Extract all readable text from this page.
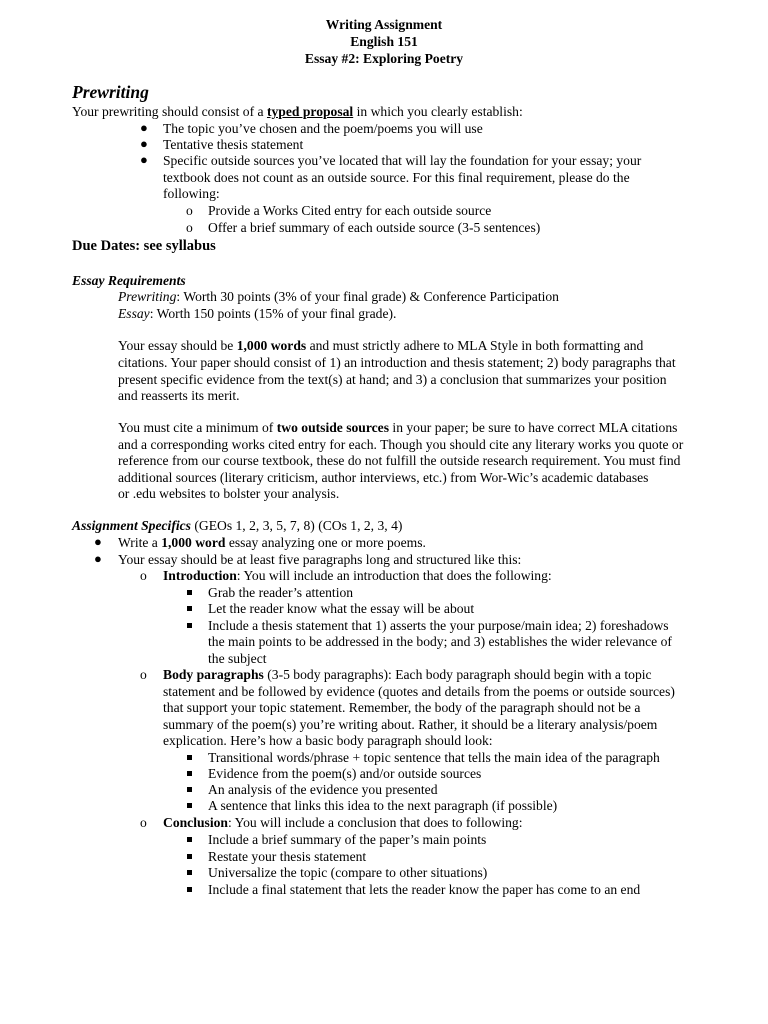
Writing Assignment
English 151
Essay #2: Exploring Poetry
Prewriting
Your prewriting should consist of a typed proposal in which you clearly establish:
● The topic you’ve chosen and the poem/poems you will use
● Tentative thesis statement
● Specific outside sources you’ve located that will lay the foundation for your essay; your
textbook does not count as an outside source. For this final requirement, please do the
following:
o Provide a Works Cited entry for each outside source
o Offer a brief summary of each outside source (3-5 sentences)
Due Dates: see syllabus
Essay Requirements
Prewriting: Worth 30 points (3% of your final grade) & Conference Participation
Essay: Worth 150 points (15% of your final grade).
Your essay should be 1,000 words and must strictly adhere to MLA Style in both formatting and
citations. Your paper should consist of 1) an introduction and thesis statement; 2) body paragraphs that
present specific evidence from the text(s) at hand; and 3) a conclusion that summarizes your position
and reasserts its merit.
You must cite a minimum of two outside sources in your paper; be sure to have correct MLA citations
and a corresponding works cited entry for each. Though you should cite any literary works you quote or
reference from our course textbook, these do not fulfill the outside research requirement. You must find
additional sources (literary criticism, author interviews, etc.) from Wor-Wic’s academic databases
or .edu websites to bolster your analysis.
Assignment Specifics (GEOs 1, 2, 3, 5, 7, 8) (COs 1, 2, 3, 4)
● Write a 1,000 word essay analyzing one or more poems.
● Your essay should be at least five paragraphs long and structured like this:
o Introduction: You will include an introduction that does the following:
Grab the reader’s attention
Let the reader know what the essay will be about
Include a thesis statement that 1) asserts the your purpose/main idea; 2) foreshadows
the main points to be addressed in the body; and 3) establishes the wider relevance of
the subject
o Body paragraphs (3-5 body paragraphs): Each body paragraph should begin with a topic
statement and be followed by evidence (quotes and details from the poems or outside sources)
that support your topic statement. Remember, the body of the paragraph should not be a
summary of the poem(s) you’re writing about. Rather, it should be a literary analysis/poem
explication. Here’s how a basic body paragraph should look:
Transitional words/phrase + topic sentence that tells the main idea of the paragraph
Evidence from the poem(s) and/or outside sources
An analysis of the evidence you presented
A sentence that links this idea to the next paragraph (if possible)
o Conclusion: You will include a conclusion that does to following:
Include a brief summary of the paper’s main points
Restate your thesis statement
Universalize the topic (compare to other situations)
Include a final statement that lets the reader know the paper has come to an end
